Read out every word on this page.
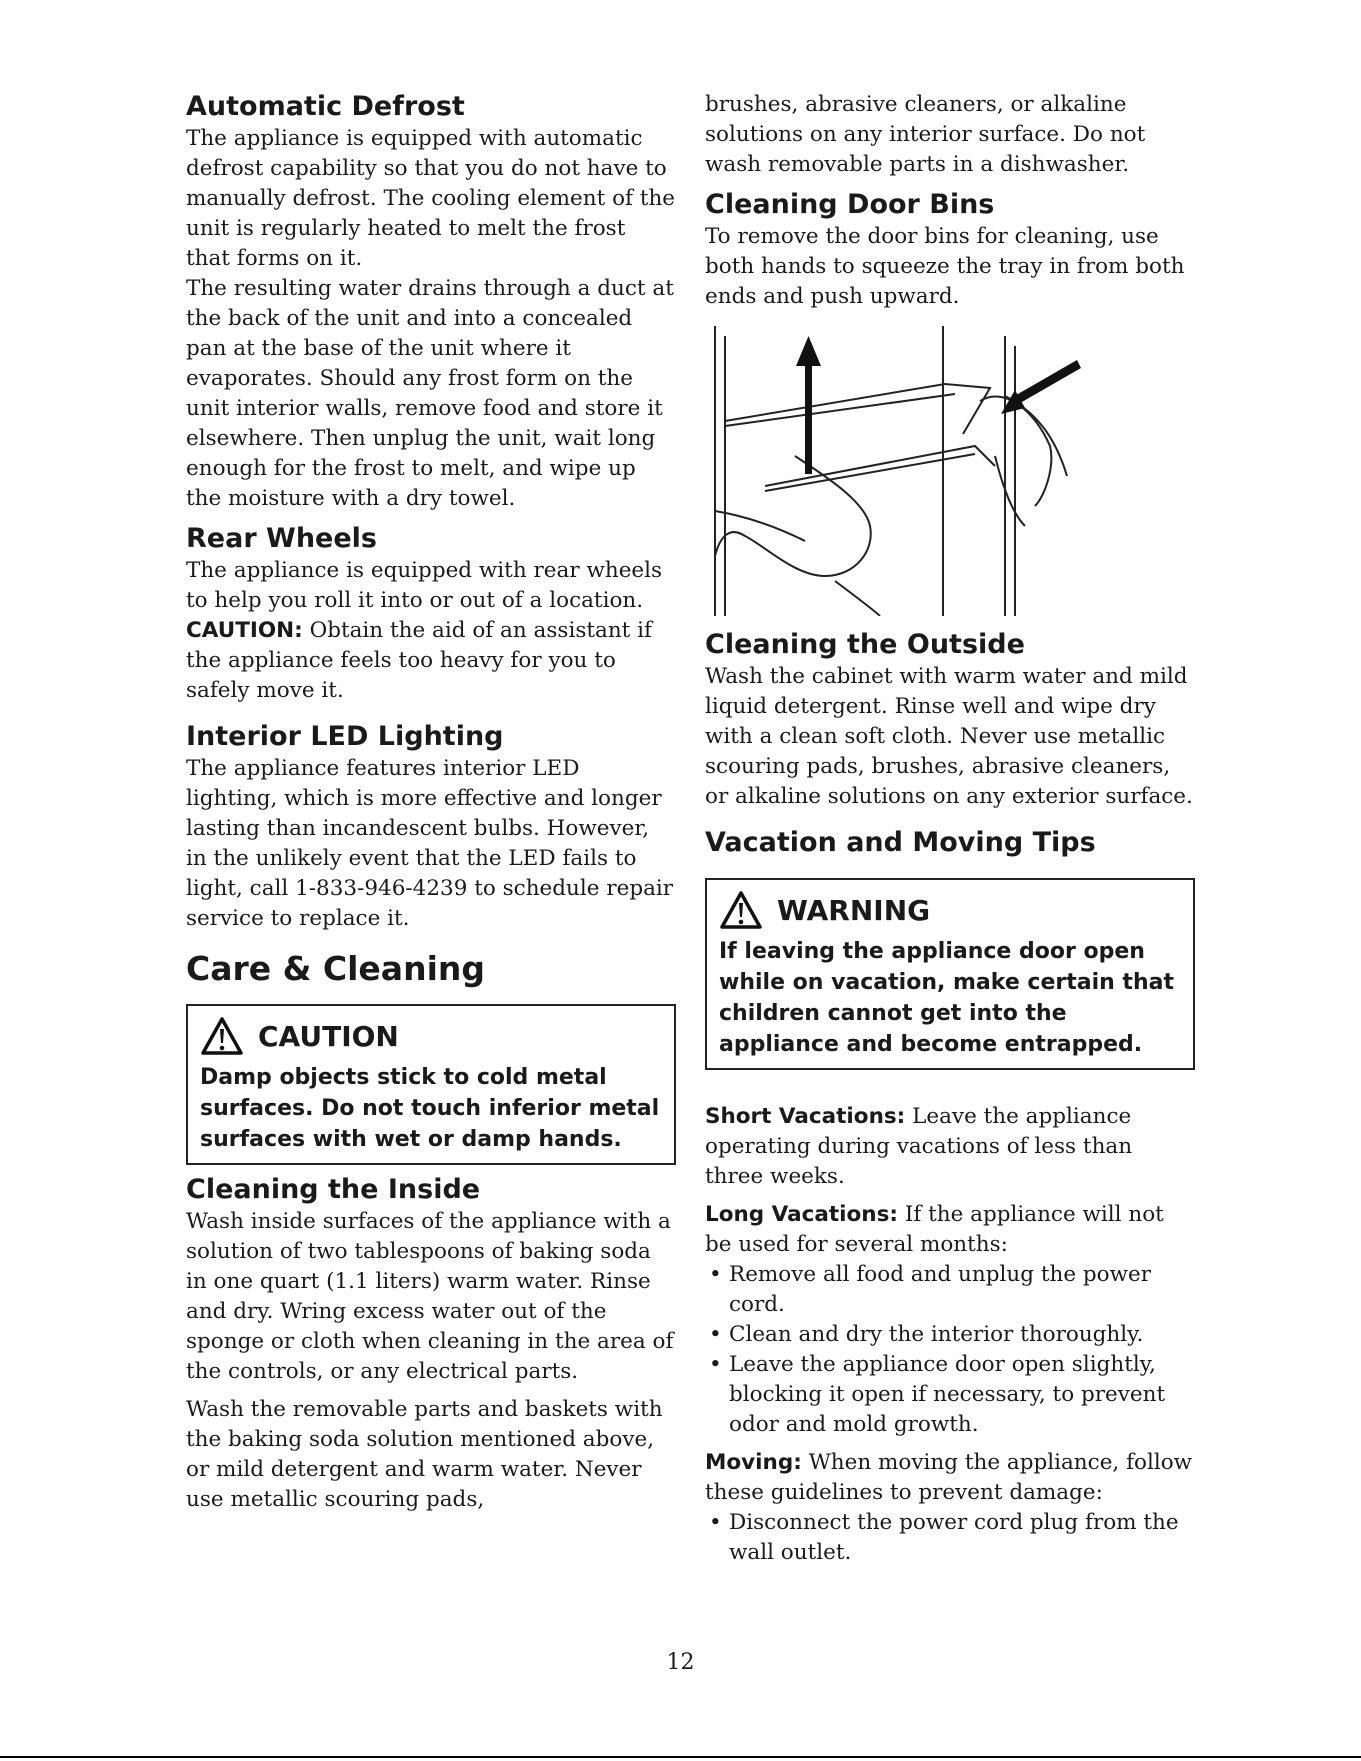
Automatic Defrost

The appliance is equipped with automatic defrost capability so that you do not have to manually defrost. The cooling element of the unit is regularly heated to melt the frost that forms on it.

The resulting water drains through a duct at the back of the unit and into a concealed pan at the base of the unit where it evaporates. Should any frost form on the unit interior walls, remove food and store it elsewhere. Then unplug the unit, wait long enough for the frost to melt, and wipe up the moisture with a dry towel.

Rear Wheels

The appliance is equipped with rear wheels to help you roll it into or out of a location.

CAUTION: Obtain the aid of an assistant if the appliance feels too heavy for you to safely move it.

Interior LED Lighting

The appliance features interior LED lighting, which is more effective and longer lasting than incandescent bulbs. However, in the unlikely event that the LED fails to light, call 1-833-946-4239 to schedule repair service to replace it.

Care & Cleaning
CAUTION
Damp objects stick to cold metal surfaces. Do not touch inferior metal surfaces with wet or damp hands.
Cleaning the Inside

Wash inside surfaces of the appliance with a solution of two tablespoons of baking soda in one quart (1.1 liters) warm water. Rinse and dry. Wring excess water out of the sponge or cloth when cleaning in the area of the controls, or any electrical parts.

Wash the removable parts and baskets with the baking soda solution mentioned above, or mild detergent and warm water. Never use metallic scouring pads,

brushes, abrasive cleaners, or alkaline solutions on any interior surface. Do not wash removable parts in a dishwasher.

Cleaning Door Bins

To remove the door bins for cleaning, use both hands to squeeze the tray in from both ends and push upward.

Cleaning the Outside

Wash the cabinet with warm water and mild liquid detergent. Rinse well and wipe dry with a clean soft cloth. Never use metallic scouring pads, brushes, abrasive cleaners, or alkaline solutions on any exterior surface.

Vacation and Moving Tips
WARNING
If leaving the appliance door open while on vacation, make certain that children cannot get into the appliance and become entrapped.

Short Vacations: Leave the appliance operating during vacations of less than three weeks.

Long Vacations: If the appliance will not be used for several months:

• Remove all food and unplug the power cord.
• Clean and dry the interior thoroughly.
• Leave the appliance door open slightly, blocking it open if necessary, to prevent odor and mold growth.

Moving: When moving the appliance, follow these guidelines to prevent damage:

• Disconnect the power cord plug from the wall outlet.
12
